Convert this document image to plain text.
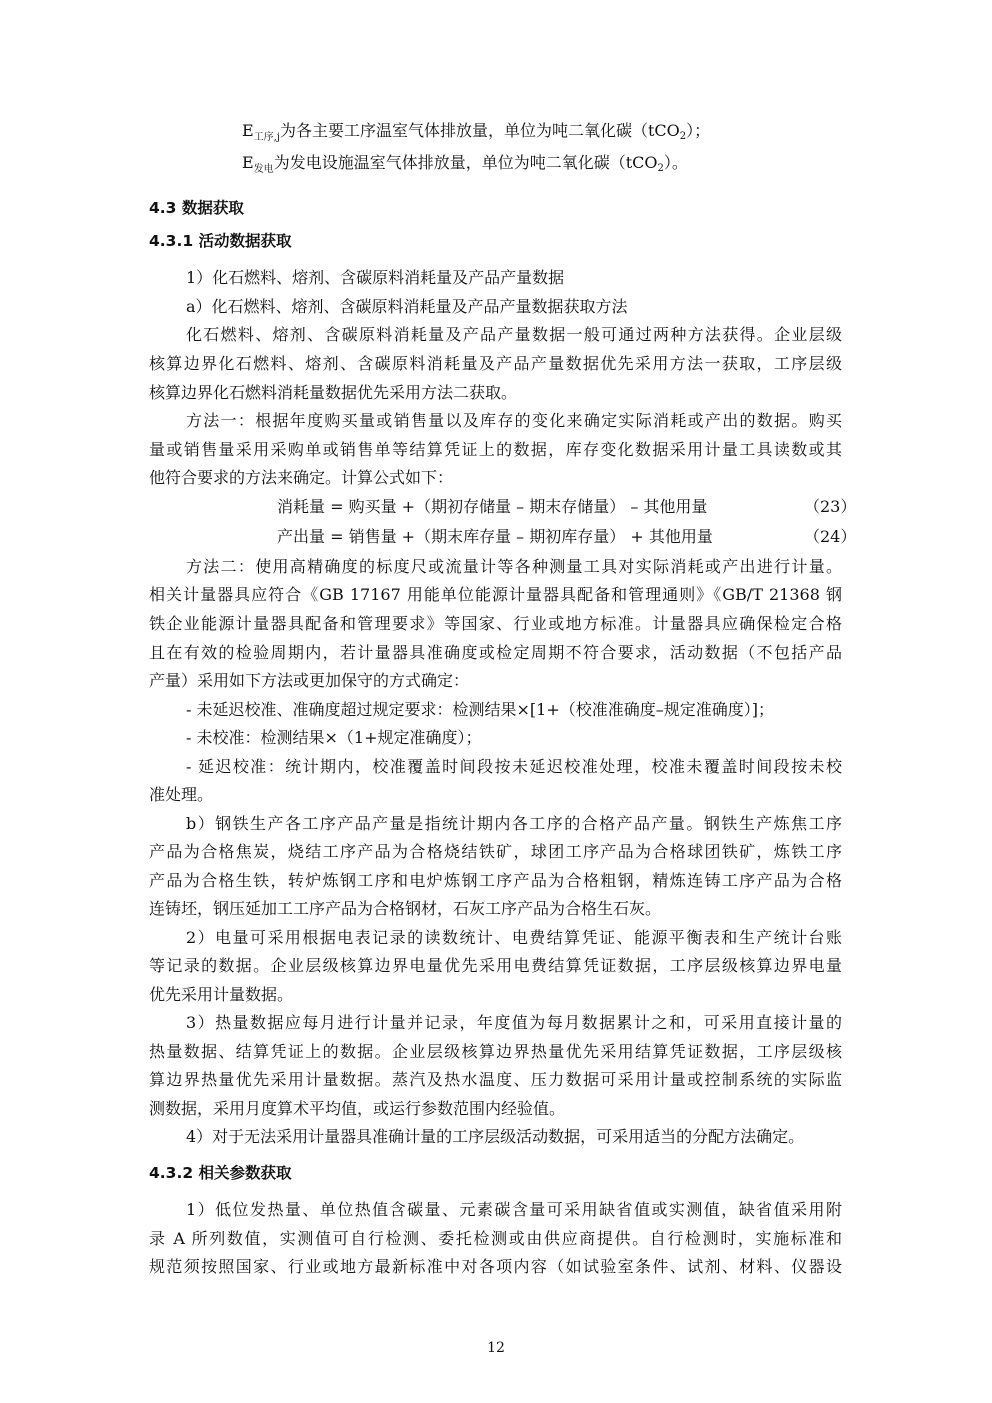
$E_{工序,j}$为各主要工序温室气体排放量，单位为吨二氧化碳（tCO2）；
$E_{发电}$为发电设施温室气体排放量，单位为吨二氧化碳（tCO2）。
4.3 数据获取
4.3.1 活动数据获取
1）化石燃料、熔剂、含碳原料消耗量及产品产量数据
a）化石燃料、熔剂、含碳原料消耗量及产品产量数据获取方法
化石燃料、熔剂、含碳原料消耗量及产品产量数据一般可通过两种方法获得。企业层级
核算边界化石燃料、熔剂、含碳原料消耗量及产品产量数据优先采用方法一获取，工序层级
核算边界化石燃料消耗量数据优先采用方法二获取。
方法一：根据年度购买量或销售量以及库存的变化来确定实际消耗或产出的数据。购买
量或销售量采用采购单或销售单等结算凭证上的数据，库存变化数据采用计量工具读数或其
他符合要求的方法来确定。计算公式如下：
消耗量 = 购买量 +（期初存储量 – 期末存储量） – 其他用量	（23）
产出量 = 销售量 +（期末库存量 – 期初库存量） + 其他用量	（24）
方法二：使用高精确度的标度尺或流量计等各种测量工具对实际消耗或产出进行计量。
相关计量器具应符合《GB 17167 用能单位能源计量器具配备和管理通则》《GB/T 21368 钢
铁企业能源计量器具配备和管理要求》等国家、行业或地方标准。计量器具应确保检定合格
且在有效的检验周期内，若计量器具准确度或检定周期不符合要求，活动数据（不包括产品
产量）采用如下方法或更加保守的方式确定：
- 未延迟校准、准确度超过规定要求：检测结果×[1+（校准准确度–规定准确度）]；
- 未校准：检测结果×（1+规定准确度）；
- 延迟校准：统计期内，校准覆盖时间段按未延迟校准处理，校准未覆盖时间段按未校
准处理。
b）钢铁生产各工序产品产量是指统计期内各工序的合格产品产量。钢铁生产炼焦工序
产品为合格焦炭，烧结工序产品为合格烧结铁矿，球团工序产品为合格球团铁矿，炼铁工序
产品为合格生铁，转炉炼钢工序和电炉炼钢工序产品为合格粗钢，精炼连铸工序产品为合格
连铸坯，钢压延加工工序产品为合格钢材，石灰工序产品为合格生石灰。
2）电量可采用根据电表记录的读数统计、电费结算凭证、能源平衡表和生产统计台账
等记录的数据。企业层级核算边界电量优先采用电费结算凭证数据，工序层级核算边界电量
优先采用计量数据。
3）热量数据应每月进行计量并记录，年度值为每月数据累计之和，可采用直接计量的
热量数据、结算凭证上的数据。企业层级核算边界热量优先采用结算凭证数据，工序层级核
算边界热量优先采用计量数据。蒸汽及热水温度、压力数据可采用计量或控制系统的实际监
测数据，采用月度算术平均值，或运行参数范围内经验值。
4）对于无法采用计量器具准确计量的工序层级活动数据，可采用适当的分配方法确定。
4.3.2 相关参数获取
1）低位发热量、单位热值含碳量、元素碳含量可采用缺省值或实测值，缺省值采用附
录 A 所列数值，实测值可自行检测、委托检测或由供应商提供。自行检测时，实施标准和
规范须按照国家、行业或地方最新标准中对各项内容（如试验室条件、试剂、材料、仪器设
12
